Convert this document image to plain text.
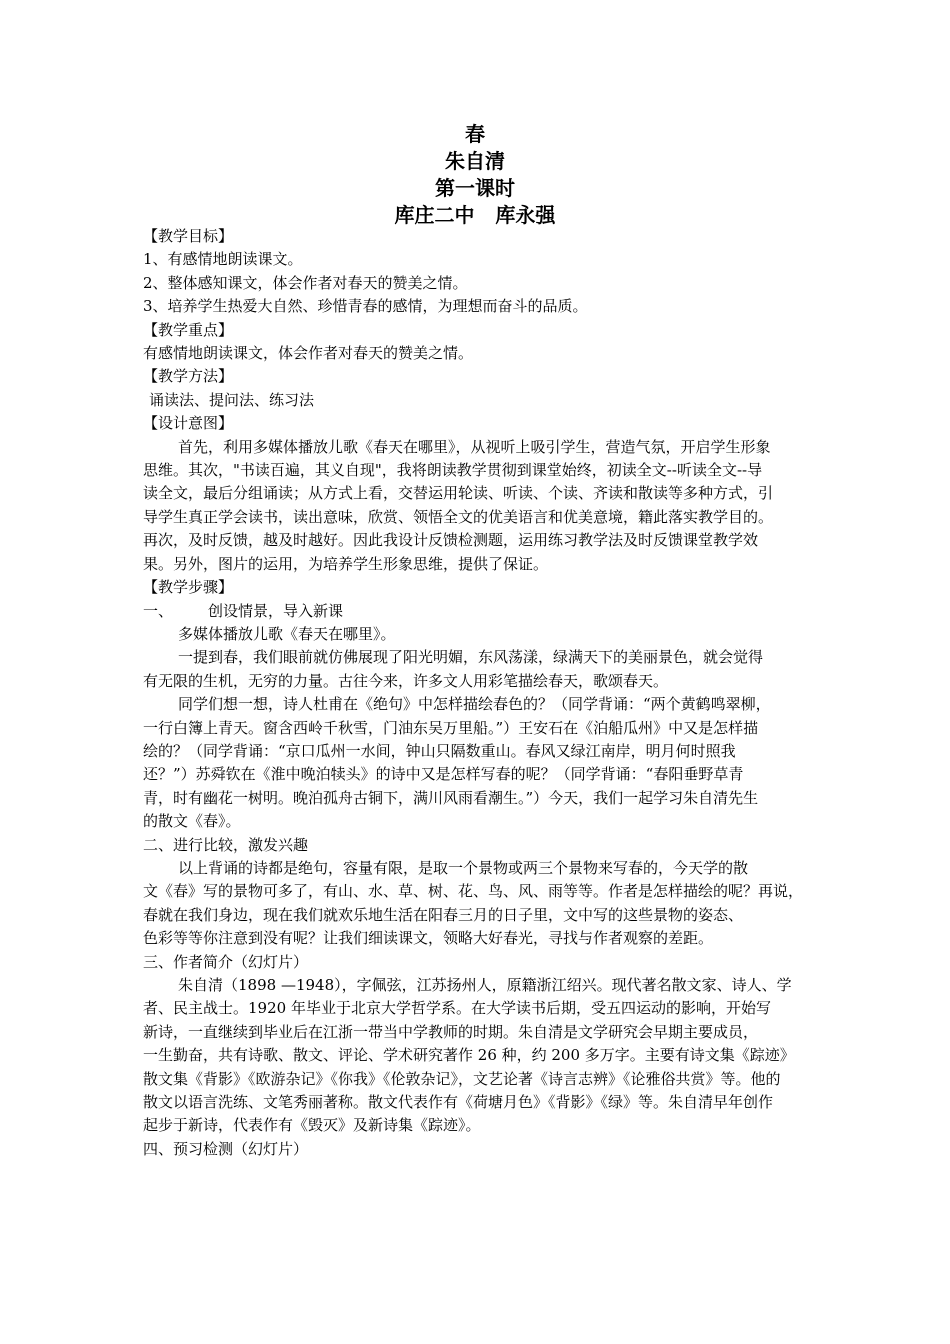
春
朱自清
第一课时
库庄二中   库永强
【教学目标】
1、有感情地朗读课文。
2、整体感知课文，体会作者对春天的赞美之情。
3、培养学生热爱大自然、珍惜青春的感情，为理想而奋斗的品质。
【教学重点】
有感情地朗读课文，体会作者对春天的赞美之情。
【教学方法】
诵读法、提问法、练习法
【设计意图】
首先，利用多媒体播放儿歌《春天在哪里》，从视听上吸引学生，营造气氛，开启学生形象
思维。其次，"书读百遍，其义自现"，我将朗读教学贯彻到课堂始终，初读全文--听读全文--导
读全文，最后分组诵读；从方式上看，交替运用轮读、听读、个读、齐读和散读等多种方式，引
导学生真正学会读书，读出意味，欣赏、领悟全文的优美语言和优美意境，籍此落实教学目的。
再次，及时反馈，越及时越好。因此我设计反馈检测题，运用练习教学法及时反馈课堂教学效
果。另外，图片的运用，为培养学生形象思维，提供了保证。
【教学步骤】
一、 创设情景，导入新课
多媒体播放儿歌《春天在哪里》。
一提到春，我们眼前就仿佛展现了阳光明媚，东风荡漾，绿满天下的美丽景色，就会觉得
有无限的生机，无穷的力量。古往今来，许多文人用彩笔描绘春天，歌颂春天。
同学们想一想，诗人杜甫在《绝句》中怎样描绘春色的？（同学背诵：“两个黄鹤鸣翠柳，
一行白簿上青天。窗含西岭千秋雪，门油东吴万里船。”）王安石在《泊船瓜州》中又是怎样描
绘的？（同学背诵：“京口瓜州一水间，钟山只隔数重山。春风又绿江南岸，明月何时照我
还？”）苏舜钦在《淮中晚泊犊头》的诗中又是怎样写春的呢？（同学背诵：“春阳垂野草青
青，时有幽花一树明。晚泊孤舟古铜下，满川风雨看潮生。”）今天，我们一起学习朱自清先生
的散文《春》。
二、进行比较，激发兴趣
以上背诵的诗都是绝句，容量有限，是取一个景物或两三个景物来写春的，今天学的散
文《春》写的景物可多了，有山、水、草、树、花、鸟、风、雨等等。作者是怎样描绘的呢？再说，
春就在我们身边，现在我们就欢乐地生活在阳春三月的日子里，文中写的这些景物的姿态、
色彩等等你注意到没有呢？让我们细读课文，领略大好春光，寻找与作者观察的差距。
三、作者简介（幻灯片）
朱自清（1898 —1948），字佩弦，江苏扬州人，原籍浙江绍兴。现代著名散文家、诗人、学
者、民主战士。1920 年毕业于北京大学哲学系。在大学读书后期，受五四运动的影响，开始写
新诗，一直继续到毕业后在江浙一带当中学教师的时期。朱自清是文学研究会早期主要成员，
一生勤奋，共有诗歌、散文、评论、学术研究著作 26 种，约 200 多万字。主要有诗文集《踪迹》
散文集《背影》《欧游杂记》《你我》《伦敦杂记》，文艺论著《诗言志辨》《论雅俗共赏》等。他的
散文以语言洗练、文笔秀丽著称。散文代表作有《荷塘月色》《背影》《绿》等。朱自清早年创作
起步于新诗，代表作有《毁灭》及新诗集《踪迹》。
四、预习检测（幻灯片）
